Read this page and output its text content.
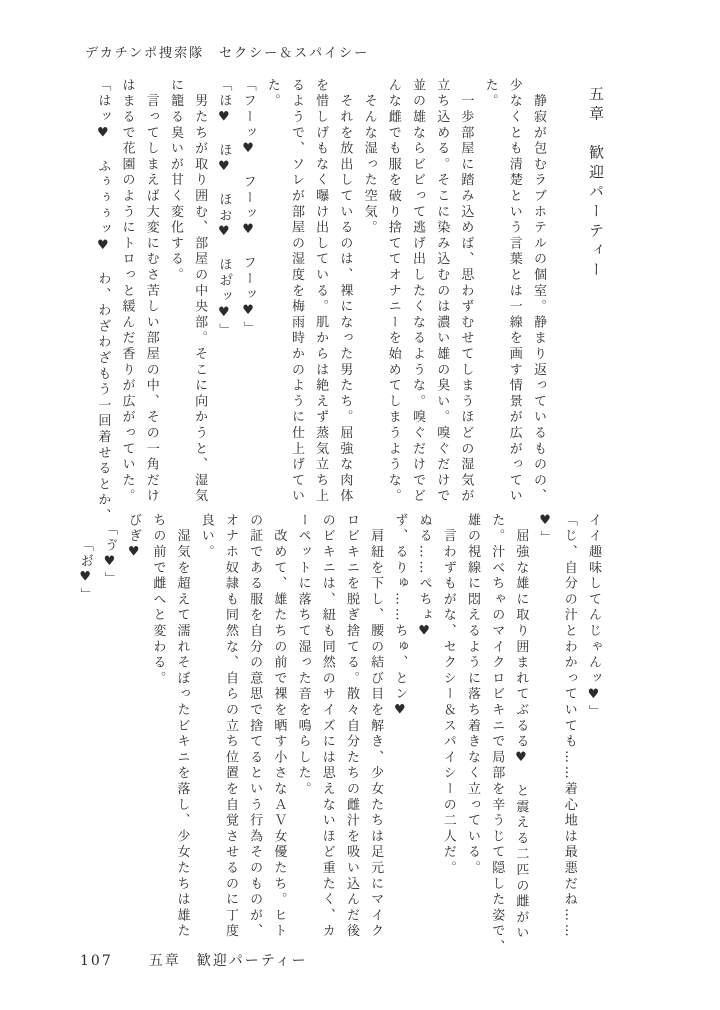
デカチンポ捜索隊　セクシー＆スパイシー
五章　歓迎パーティー
　静寂が包むラブホテルの個室。静まり返っているものの、
少なくとも清楚という言葉とは一線を画す情景が広がってい
た。
　一歩部屋に踏み込めば、思わずむせてしまうほどの湿気が
立ち込める。そこに染み込むのは濃い雄の臭い。嗅ぐだけで
並の雄ならビビって逃げ出したくなるような。嗅ぐだけでど
んな雌でも服を破り捨ててオナニーを始めてしまうような。
　そんな湿った空気。
　それを放出しているのは、裸になった男たち。屈強な肉体
を惜しげもなく曝け出している。肌からは絶えず蒸気立ち上
るようで、ソレが部屋の湿度を梅雨時かのように仕上げてい
た。
「フーッ♥　フーッ♥　フーッ♥」
「ほ♥　ほ♥　ほお♥　ほお゚ッ♥」
　男たちが取り囲む、部屋の中央部。そこに向かうと、湿気
に籠る臭いが甘く変化する。
　言ってしまえば大変にむさ苦しい部屋の中、その一角だけ
はまるで花園のようにトロっと緩んだ香りが広がっていた。
「はッ♥　ふぅぅぅッ♥　わ、わざわざもう一回着せるとか、
イイ趣味してんじゃんッ♥」
「じ、自分の汁とわかっていても……着心地は最悪だね……
♥」
　屈強な雄に取り囲まれてぶるる♥　と震える二匹の雌がい
た。汁べちゃのマイクロビキニで局部を辛うじて隠した姿で、
雄の視線に悶えるように落ち着きなく立っている。
　言わずもがな、セクシー＆スパイシーの二人だ。
ぬる……ぺちょ♥
ず、るりゅ……ちゅ、とン♥
　肩紐を下し、腰の結び目を解き、少女たちは足元にマイク
ロビキニを脱ぎ捨てる。散々自分たちの雌汁を吸い込んだ後
のビキニは、紐も同然のサイズには思えないほど重たく、カ
ーペットに落ちて湿った音を鳴らした。
　改めて、雄たちの前で裸を晒す小さなＡＶ女優たち。ヒト
の証である服を自分の意思で捨てるという行為そのものが、
オナホ奴隷も同然な、自らの立ち位置を自覚させるのに丁度
良い。
　湿気を超えて濡れそぼったビキニを落し、少女たちは雄た
ちの前で雌へと変わる。
びぎ♥
　「ゔ♥」
　　「お゙♥」
107	五章　歓迎パーティー
